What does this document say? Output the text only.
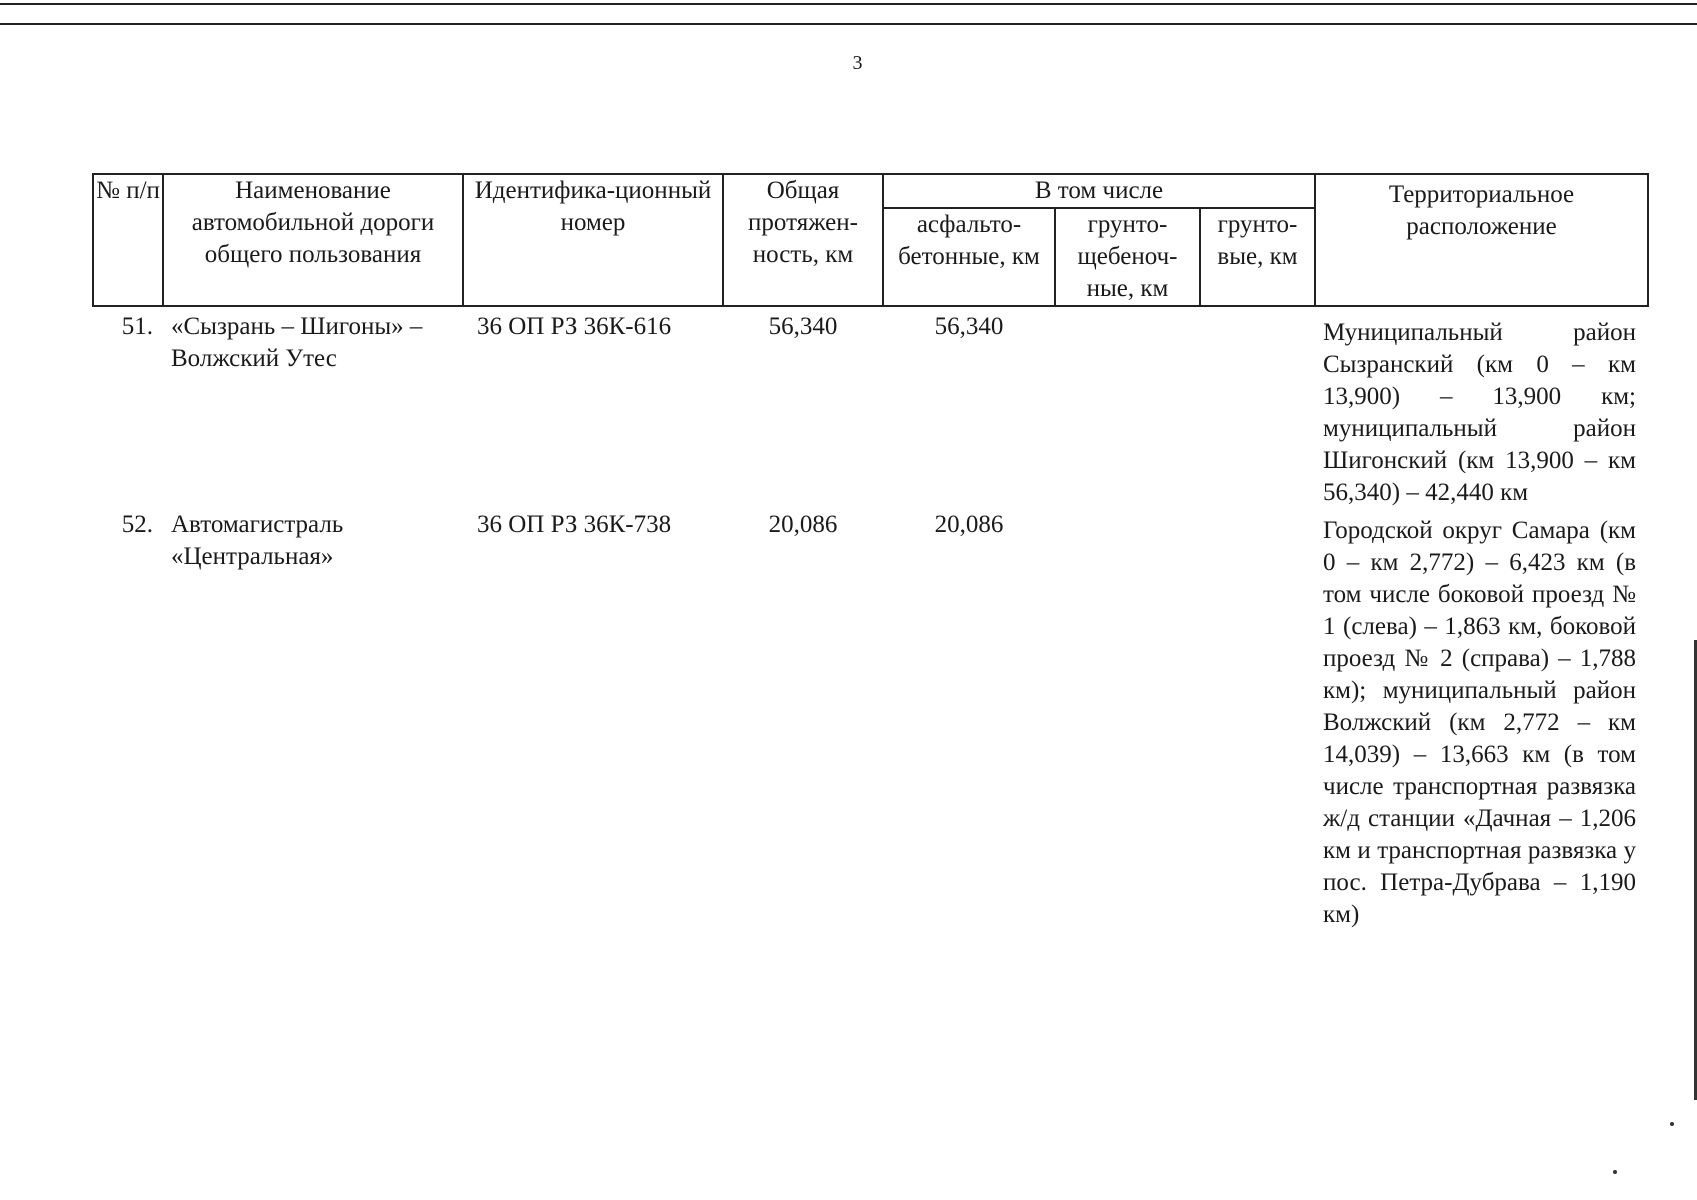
3
№ п/п	Наименование автомобильной дороги общего пользования	Идентифика-ционный номер	Общая протяжен-ность, км	В том числе			Территориальное расположение
				асфальто-бетонные, км	грунто-щебеноч-ные, км	грунто-вые, км	
51.	«Сызрань – Шигоны» – Волжский Утес	36 ОП РЗ 36К-616	56,340	56,340			Муниципальный район Сызранский (км 0 – км 13,900) – 13,900 км; муниципальный район Шигонский (км 13,900 – км 56,340) – 42,440 км

52.	Автомагистраль «Центральная»	36 ОП РЗ 36К-738	20,086	20,086			Городской округ Самара (км 0 – км 2,772) – 6,423 км (в том числе боковой проезд № 1 (слева) – 1,863 км, боковой проезд № 2 (справа) – 1,788 км); муниципальный район Волжский (км 2,772 – км 14,039) – 13,663 км (в том числе транспортная развязка ж/д станции «Дачная – 1,206 км и транспортная развязка у пос. Петра-Дубрава – 1,190 км)
